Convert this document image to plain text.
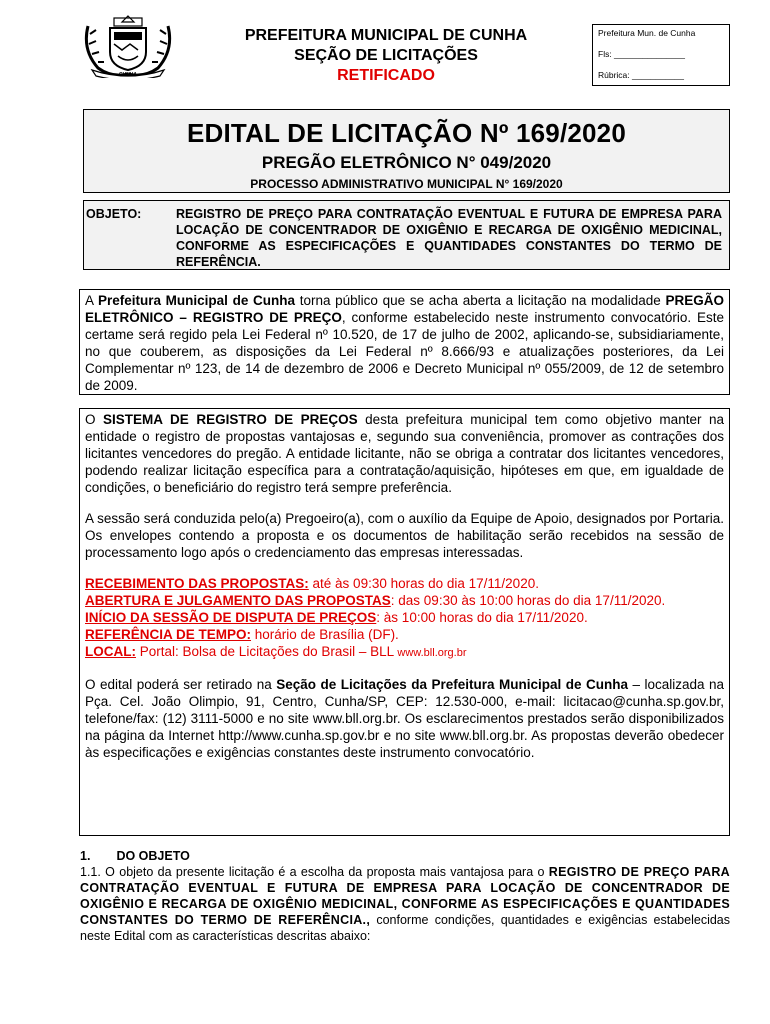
CUNHA
PREFEITURA MUNICIPAL DE CUNHA
SEÇÃO DE LICITAÇÕES
RETIFICADO
Prefeitura Mun. de Cunha
Fls: _______________
Rúbrica: ___________
EDITAL DE LICITAÇÃO Nº 169/2020
PREGÃO ELETRÔNICO N° 049/2020
PROCESSO ADMINISTRATIVO MUNICIPAL N° 169/2020
OBJETO:	REGISTRO DE PREÇO PARA CONTRATAÇÃO EVENTUAL E FUTURA DE EMPRESA PARA LOCAÇÃO DE CONCENTRADOR DE OXIGÊNIO E RECARGA DE OXIGÊNIO MEDICINAL, CONFORME AS ESPECIFICAÇÕES E QUANTIDADES CONSTANTES DO TERMO DE REFERÊNCIA.

A Prefeitura Municipal de Cunha torna público que se acha aberta a licitação na modalidade PREGÃO ELETRÔNICO – REGISTRO DE PREÇO, conforme estabelecido neste instrumento convocatório. Este certame será regido pela Lei Federal nº 10.520, de 17 de julho de 2002, aplicando-se, subsidiariamente, no que couberem, as disposições da Lei Federal nº 8.666/93 e atualizações posteriores, da Lei Complementar nº 123, de 14 de dezembro de 2006 e Decreto Municipal nº 055/2009, de 12 de setembro de 2009.

O SISTEMA DE REGISTRO DE PREÇOS desta prefeitura municipal tem como objetivo manter na entidade o registro de propostas vantajosas e, segundo sua conveniência, promover as contrações dos licitantes vencedores do pregão. A entidade licitante, não se obriga a contratar dos licitantes vencedores, podendo realizar licitação específica para a contratação/aquisição, hipóteses em que, em igualdade de condições, o beneficiário do registro terá sempre preferência.

A sessão será conduzida pelo(a) Pregoeiro(a), com o auxílio da Equipe de Apoio, designados por Portaria. Os envelopes contendo a proposta e os documentos de habilitação serão recebidos na sessão de processamento logo após o credenciamento das empresas interessadas.

RECEBIMENTO DAS PROPOSTAS: até às 09:30 horas do dia 17/11/2020.

ABERTURA E JULGAMENTO DAS PROPOSTAS: das 09:30 às 10:00 horas do dia 17/11/2020.

INÍCIO DA SESSÃO DE DISPUTA DE PREÇOS: às 10:00 horas do dia 17/11/2020.

REFERÊNCIA DE TEMPO: horário de Brasília (DF).

LOCAL: Portal: Bolsa de Licitações do Brasil – BLL www.bll.org.br

O edital poderá ser retirado na Seção de Licitações da Prefeitura Municipal de Cunha – localizada na Pça. Cel. João Olimpio, 91, Centro, Cunha/SP, CEP: 12.530-000, e-mail: licitacao@cunha.sp.gov.br, telefone/fax: (12) 3111-5000 e no site www.bll.org.br. Os esclarecimentos prestados serão disponibilizados na página da Internet http://www.cunha.sp.gov.br e no site www.bll.org.br. As propostas deverão obedecer às especificações e exigências constantes deste instrumento convocatório.

1. DO OBJETO
1.1. O objeto da presente licitação é a escolha da proposta mais vantajosa para o REGISTRO DE PREÇO PARA CONTRATAÇÃO EVENTUAL E FUTURA DE EMPRESA PARA LOCAÇÃO DE CONCENTRADOR DE OXIGÊNIO E RECARGA DE OXIGÊNIO MEDICINAL, CONFORME AS ESPECIFICAÇÕES E QUANTIDADES CONSTANTES DO TERMO DE REFERÊNCIA., conforme condições, quantidades e exigências estabelecidas neste Edital com as características descritas abaixo:
